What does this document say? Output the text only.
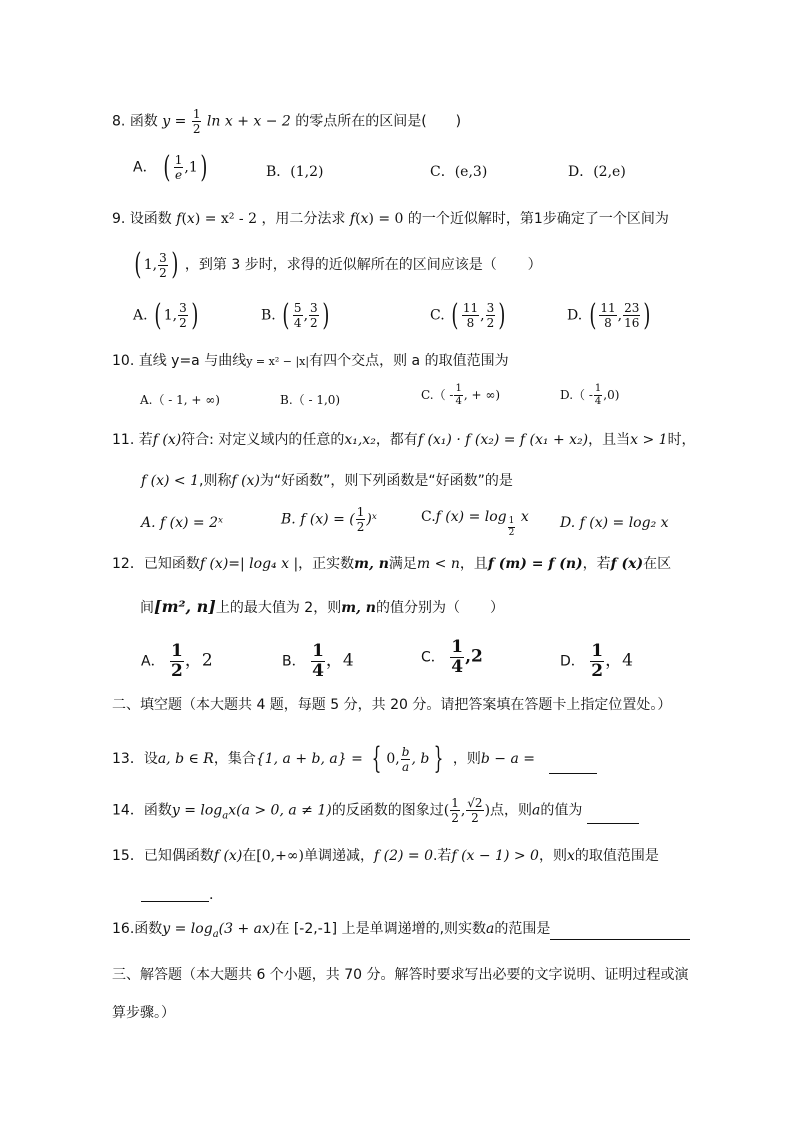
8. 函数 $y = \frac{1}{2}$ ln x + x − 2 的零点所在的区间是( )
A． ( $\frac{1}{e} ,1$)	B．(1,2)	C．(e,3)	D．(2,e)
9. 设函数 f(x) = x² - 2 ，用二分法求 f(x) = 0 的一个近似解时，第1步确定了一个区间为
( 1, $\frac{3}{2}$ ) ，到第 3 步时，求得的近似解所在的区间应该是（ ）
A. ( 1, $\frac{3}{2}$ )	B. ( $\frac{5}{4}$ , $\frac{3}{2}$ )	C. ( $\frac{11}{8}$ , $\frac{3}{2}$ )	D. ( $\frac{11}{8}$ , $\frac{23}{16}$ )
10. 直线 y=a 与曲线y = x² − |x|有四个交点，则 a 的取值范围为
A.（ - 1, + ∞)	B.（ - 1,0)	$C.( - \frac{1}{4}$ , + ∞)	$D.( - \frac{1}{4} ,0)$
11. 若f (x)符合: 对定义域内的任意的x₁,x₂，都有f (x₁) · f (x₂) = f (x₁ + x₂)，且当x > 1时，
f (x) < 1,则称f (x)为“好函数”，则下列函数是“好函数”的是
A. f (x) = 2ˣ	B. f (x) = ( $\frac{1}{2}$ )ˣ	C.f $(x) = \log \frac{1}{2}$ x D. f (x) = log₂ x
12．已知函数f (x)=| log₄ x |，正实数m, n满足m < n，且f (m) = f (n)，若f (x)在区
间[m², n]上的最大值为 2，则m, n的值分别为（ ）
A． $\frac{1}{2}$ ，2	B． $\frac{1}{4}$ ，4	C． $\frac{1}{4} ,2$	D． $\frac{1}{2}$ ，4
二、填空题（本大题共 4 题，每题 5 分，共 20 分。请把答案填在答题卡上指定位置处。）
13．设a, b ∈ R，集合{1, a + b, a} = { 0, $\frac{b}{a}$ , b } ，则b − a =
14．函数$y = \log_ax(a > 0$, a ≠ 1)的反函数的图象过( $\frac{1}{2}$ , $\frac{√2}{2}$ )点，则a的值为
15．已知偶函数f (x)在[0,+∞)单调递减，f (2) = 0.若f (x − 1) > 0，则x的取值范围是
.
16.函数$y = \log_a(3 + ax)$在 [-2,-1] 上是单调递增的,则实数a的范围是
三、解答题（本大题共 6 个小题，共 70 分。解答时要求写出必要的文字说明、证明过程或演
算步骤。）
